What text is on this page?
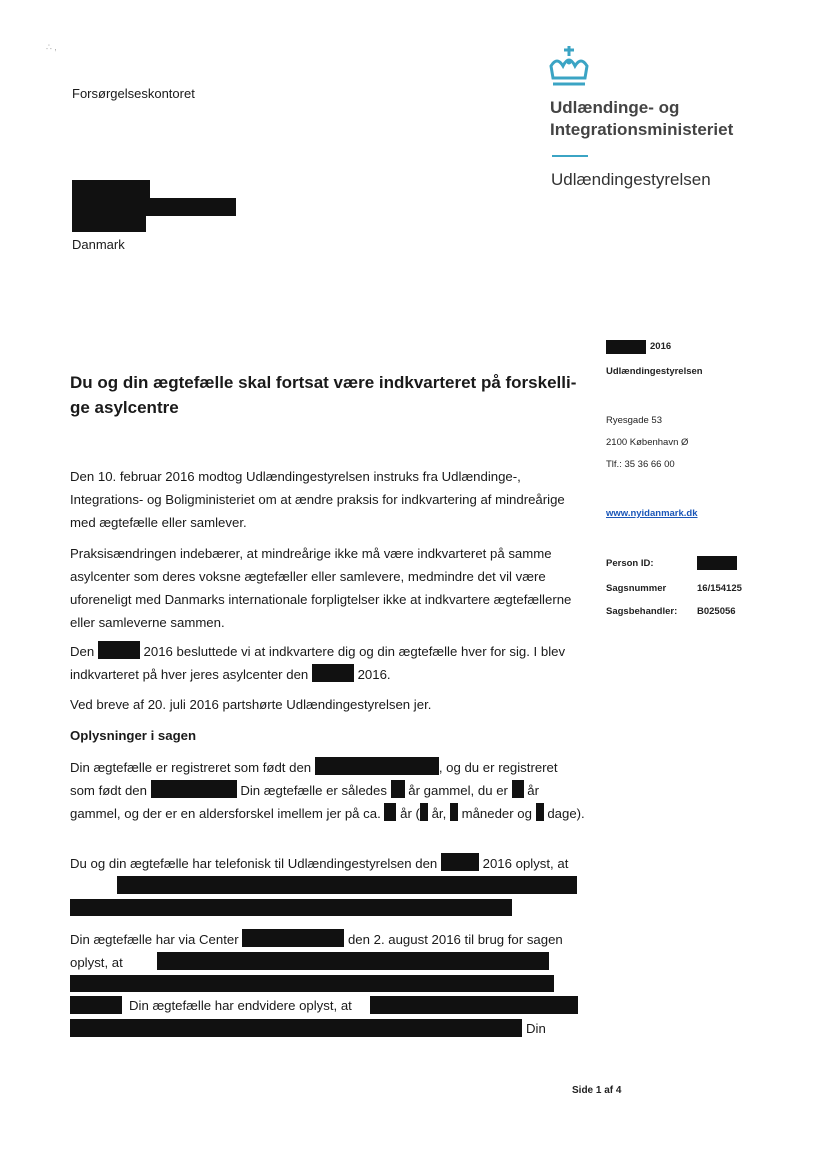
∴ ,
Forsørgelseskontoret
Udlændinge- og
Integrationsministeriet
Udlændingestyrelsen
Danmark
2016
Udlændingestyrelsen
Ryesgade 53
2100 København Ø
Tlf.: 35 36 66 00
www.nyidanmark.dk
Person ID:
Sagsnummer	16/154125
Sagsbehandler: B025056
Du og din ægtefælle skal fortsat være indkvarteret på forskellige asylcentre
Den 10. februar 2016 modtog Udlændingestyrelsen instruks fra Udlændinge-, Integrations- og Boligministeriet om at ændre praksis for indkvartering af mindreårige med ægtefælle eller samlever.
Praksisændringen indebærer, at mindreårige ikke må være indkvarteret på samme asylcenter som deres voksne ægtefæller eller samlevere, medmindre det vil være uforeneligt med Danmarks internationale forpligtelser ikke at indkvartere ægtefællerne eller samleverne sammen.
Den	2016 besluttede vi at indkvartere dig og din ægtefælle hver for sig. I blev indkvarteret på hver jeres asylcenter den	2016.
Ved breve af 20. juli 2016 partshørte Udlændingestyrelsen jer.
Oplysninger i sagen
Din ægtefælle er registreret som født den	, og du er registreret som født den	Din ægtefælle er således år gammel, du er år gammel, og der er en aldersforskel imellem jer på ca. år ( år, måneder og dage).
Du og din ægtefælle har telefonisk til Udlændingestyrelsen den	2016 oplyst, at
Din ægtefælle har via Center	den 2. august 2016 til brug for sagen oplyst, at
Din ægtefælle har endvidere oplyst, at
Din
Side 1 af 4
